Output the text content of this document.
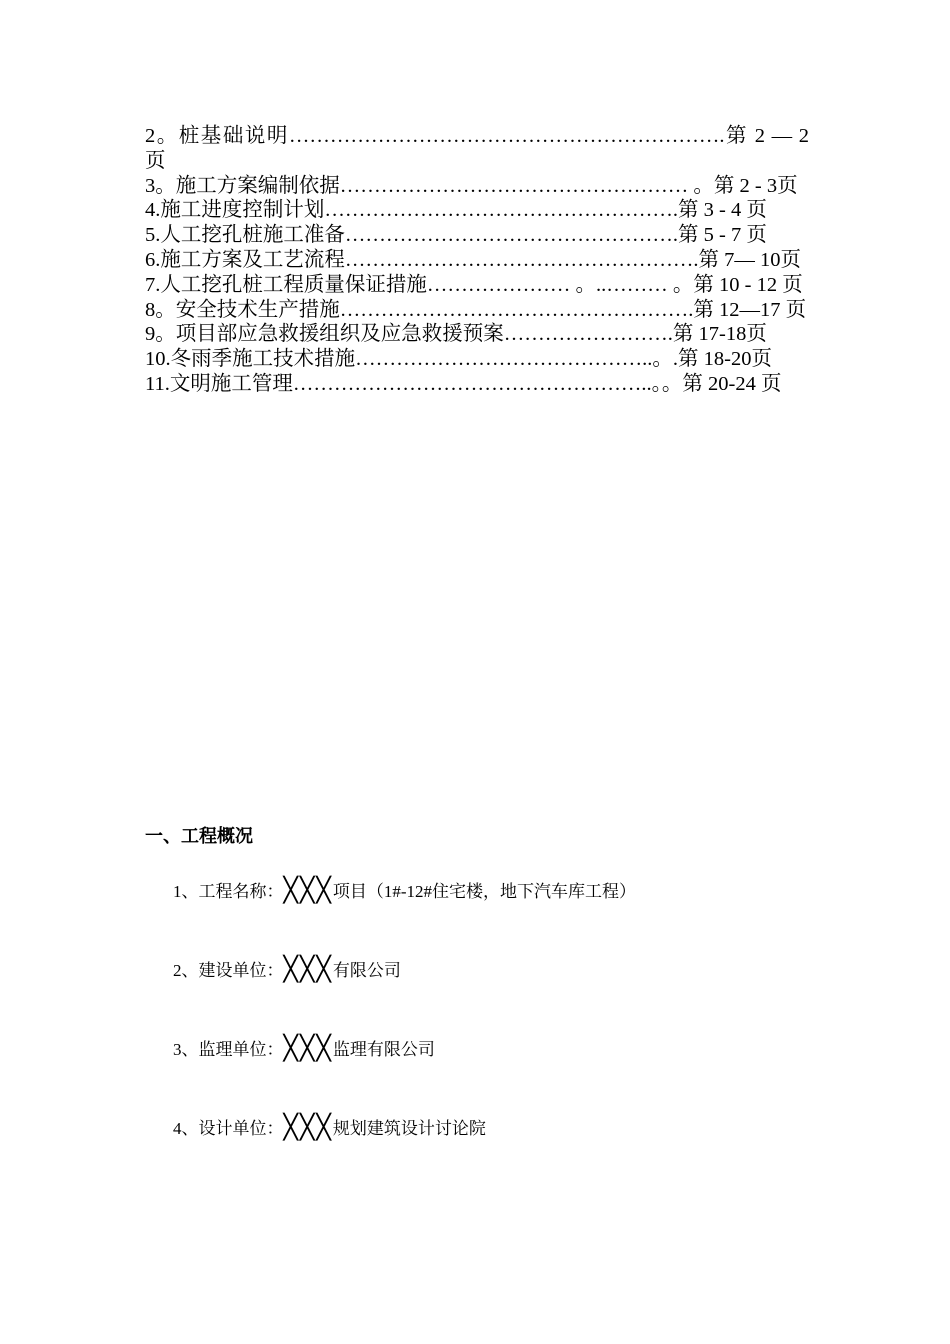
2。桩基础说明……………………………………………………….第 2 — 2页
3。施工方案编制依据…………………………………………… 。第 2 - 3页
4.施工进度控制计划…………………………………………….第 3 - 4 页
5.人工挖孔桩施工准备………………………………………….第 5 - 7 页
6.施工方案及工艺流程…………………………………………….第 7— 10页
7.人工挖孔桩工程质量保证措施………………… 。..……… 。第 10 - 12 页
8。安全技术生产措施…………………………………………….第 12—17 页
9。项目部应急救援组织及应急救援预案…………………….第 17-18页
10.冬雨季施工技术措施……………………………………..。.第 18-20页
11.文明施工管理……………………………………………..。。第 20-24 页
一、工程概况
1、工程名称：╳╳╳项目（1#-12#住宅楼，地下汽车库工程）
2、建设单位：╳╳╳有限公司
3、监理单位：╳╳╳监理有限公司
4、设计单位：╳╳╳规划建筑设计讨论院
